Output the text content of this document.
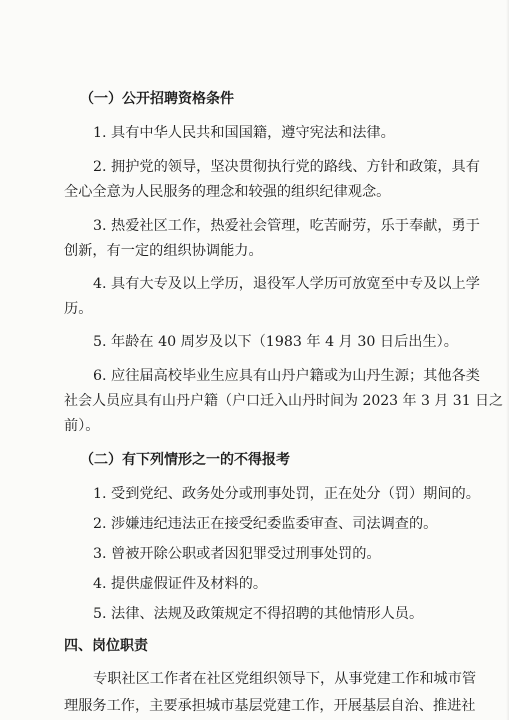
（一）公开招聘资格条件
1. 具有中华人民共和国国籍，遵守宪法和法律。
2. 拥护党的领导，坚决贯彻执行党的路线、方针和政策，具有
全心全意为人民服务的理念和较强的组织纪律观念。
3. 热爱社区工作，热爱社会管理，吃苦耐劳，乐于奉献，勇于
创新，有一定的组织协调能力。
4. 具有大专及以上学历，退役军人学历可放宽至中专及以上学
历。
5. 年龄在 40 周岁及以下（1983 年 4 月 30 日后出生）。
6. 应往届高校毕业生应具有山丹户籍或为山丹生源；其他各类
社会人员应具有山丹户籍（户口迁入山丹时间为 2023 年 3 月 31 日之
前）。
（二）有下列情形之一的不得报考
1. 受到党纪、政务处分或刑事处罚，正在处分（罚）期间的。
2. 涉嫌违纪违法正在接受纪委监委审查、司法调查的。
3. 曾被开除公职或者因犯罪受过刑事处罚的。
4. 提供虚假证件及材料的。
5. 法律、法规及政策规定不得招聘的其他情形人员。
四、岗位职责
专职社区工作者在社区党组织领导下，从事党建工作和城市管
理服务工作，主要承担城市基层党建工作，开展基层自治、推进社
